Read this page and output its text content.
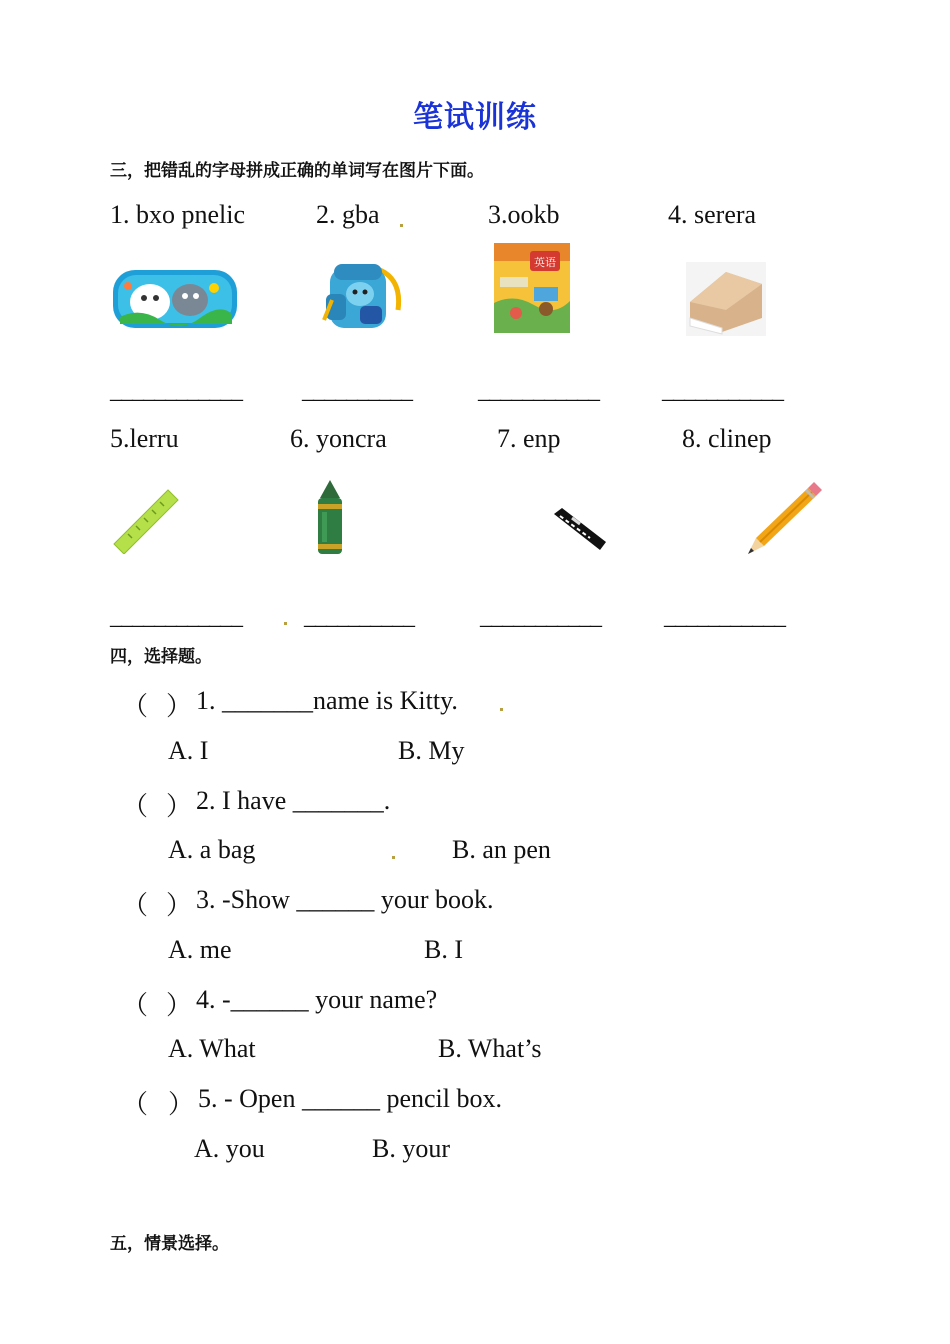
笔试训练
三，把错乱的字母拼成正确的单词写在图片下面。
1. bxo pnelic	2. gba	3.ookb	4. serera
英语
____________	__________	___________	___________
5.lerru	6. yoncra	7. enp	8. clinep
____________	__________	___________	___________
四，选择题。
（ ） 1. _______name is Kitty.
A. I	B. My
（ ） 2. I have _______.
A. a bag	B. an pen
（ ） 3. -Show ______ your book.
A. me	B. I
（ ） 4. -______ your name?
A. What	B. What’s
（ ） 5. - Open ______ pencil box.
A. you	B. your
五，情景选择。
